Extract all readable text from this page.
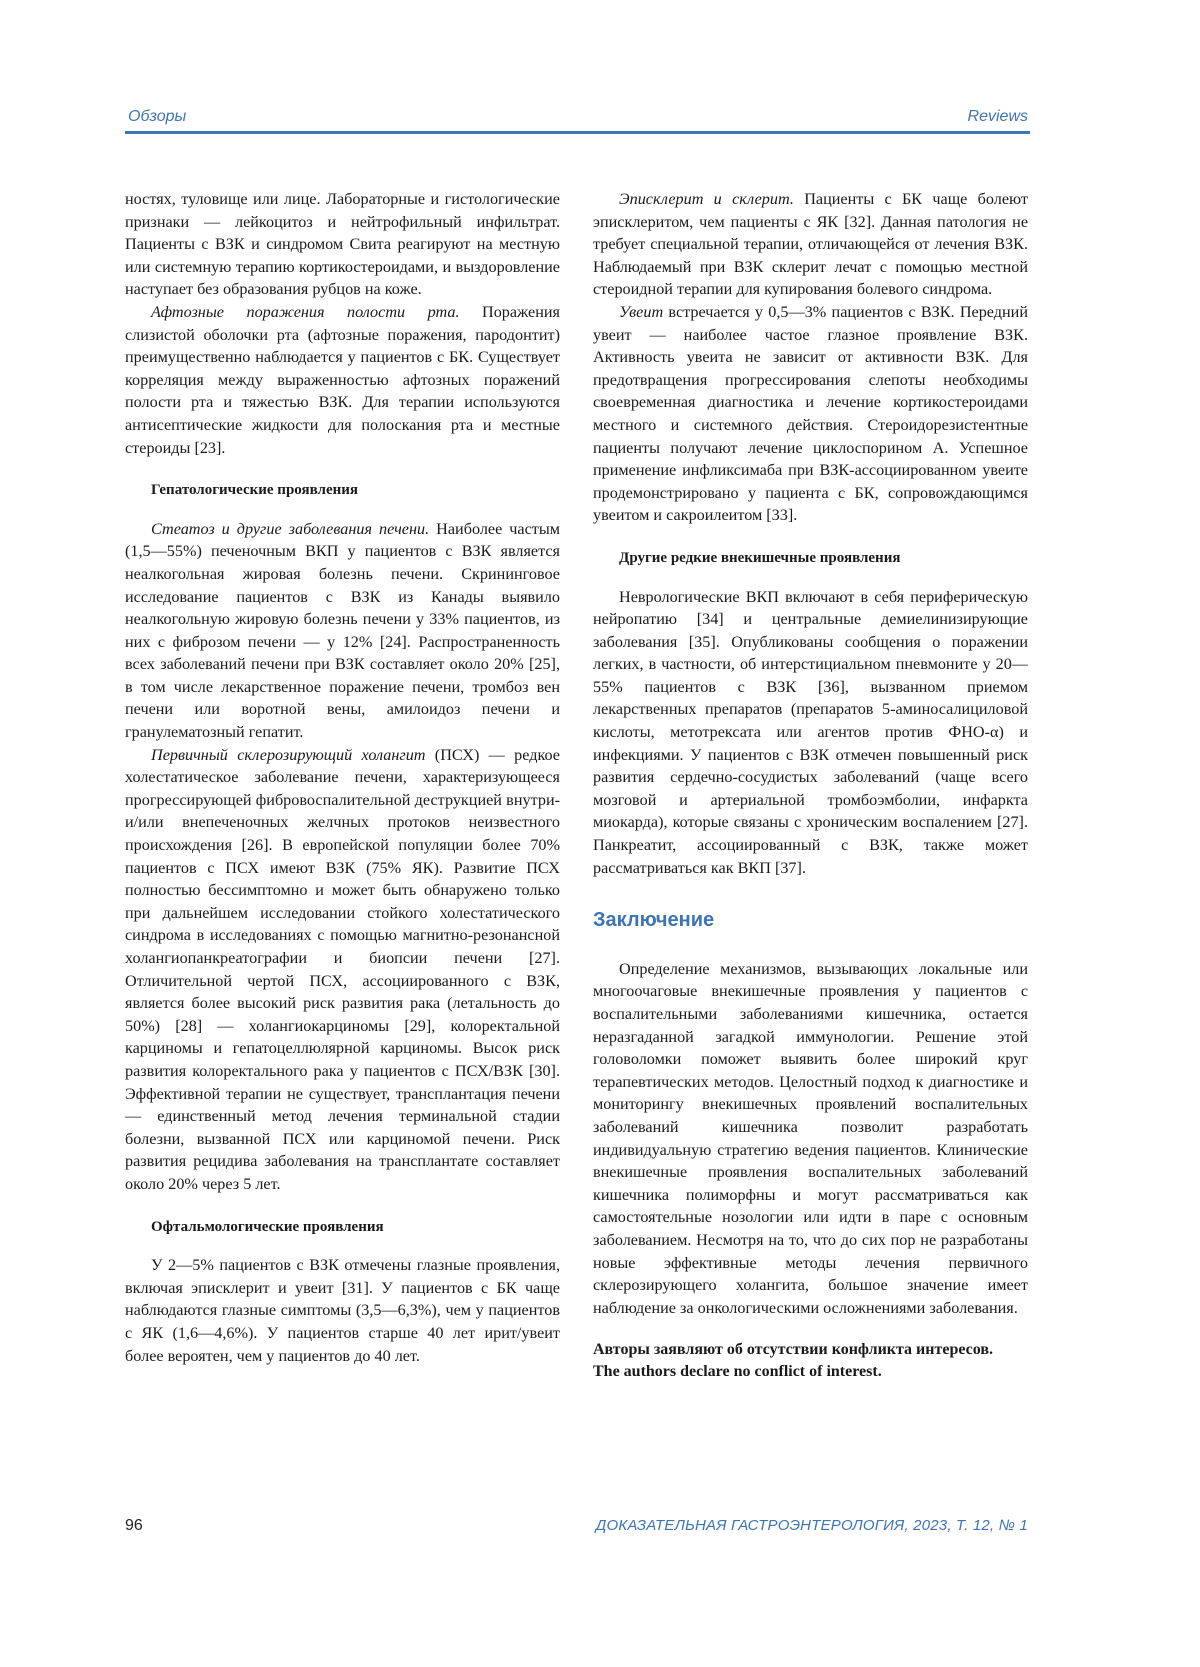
Обзоры	Reviews

ностях, туловище или лице. Лабораторные и гистологические признаки — лейкоцитоз и нейтрофильный инфильтрат. Пациенты с ВЗК и синдромом Свита реагируют на местную или системную терапию кортикостероидами, и выздоровление наступает без образования рубцов на коже.

Афтозные поражения полости рта. Поражения слизистой оболочки рта (афтозные поражения, пародонтит) преимущественно наблюдается у пациентов с БК. Существует корреляция между выраженностью афтозных поражений полости рта и тяжестью ВЗК. Для терапии используются антисептические жидкости для полоскания рта и местные стероиды [23].

Гепатологические проявления

Стеатоз и другие заболевания печени. Наиболее частым (1,5—55%) печеночным ВКП у пациентов с ВЗК является неалкогольная жировая болезнь печени. Скрининговое исследование пациентов с ВЗК из Канады выявило неалкогольную жировую болезнь печени у 33% пациентов, из них с фиброзом печени — у 12% [24]. Распространенность всех заболеваний печени при ВЗК составляет около 20% [25], в том числе лекарственное поражение печени, тромбоз вен печени или воротной вены, амилоидоз печени и гранулематозный гепатит.

Первичный склерозирующий холангит (ПСХ) — редкое холестатическое заболевание печени, характеризующееся прогрессирующей фибровоспалительной деструкцией внутри- и/или внепеченочных желчных протоков неизвестного происхождения [26]. В европейской популяции более 70% пациентов с ПСХ имеют ВЗК (75% ЯК). Развитие ПСХ полностью бессимптомно и может быть обнаружено только при дальнейшем исследовании стойкого холестатического синдрома в исследованиях с помощью магнитно-резонансной холангиопанкреатографии и биопсии печени [27]. Отличительной чертой ПСХ, ассоциированного с ВЗК, является более высокий риск развития рака (летальность до 50%) [28] — холангиокарциномы [29], колоректальной карциномы и гепатоцеллюлярной карциномы. Высок риск развития колоректального рака у пациентов с ПСХ/ВЗК [30]. Эффективной терапии не существует, трансплантация печени — единственный метод лечения терминальной стадии болезни, вызванной ПСХ или карциномой печени. Риск развития рецидива заболевания на трансплантате составляет около 20% через 5 лет.

Офтальмологические проявления

У 2—5% пациентов с ВЗК отмечены глазные проявления, включая эписклерит и увеит [31]. У пациентов с БК чаще наблюдаются глазные симптомы (3,5—6,3%), чем у пациентов с ЯК (1,6—4,6%). У пациентов старше 40 лет ирит/увеит более вероятен, чем у пациентов до 40 лет.

Эписклерит и склерит. Пациенты с БК чаще болеют эписклеритом, чем пациенты с ЯК [32]. Данная патология не требует специальной терапии, отличающейся от лечения ВЗК. Наблюдаемый при ВЗК склерит лечат с помощью местной стероидной терапии для купирования болевого синдрома.

Увеит встречается у 0,5—3% пациентов с ВЗК. Передний увеит — наиболее частое глазное проявление ВЗК. Активность увеита не зависит от активности ВЗК. Для предотвращения прогрессирования слепоты необходимы своевременная диагностика и лечение кортикостероидами местного и системного действия. Стероидорезистентные пациенты получают лечение циклоспорином А. Успешное применение инфликсимаба при ВЗК-ассоциированном увеите продемонстрировано у пациента с БК, сопровождающимся увеитом и сакроилеитом [33].

Другие редкие внекишечные проявления

Неврологические ВКП включают в себя периферическую нейропатию [34] и центральные демиелинизирующие заболевания [35]. Опубликованы сообщения о поражении легких, в частности, об интерстициальном пневмоните у 20—55% пациентов с ВЗК [36], вызванном приемом лекарственных препаратов (препаратов 5-аминосалициловой кислоты, метотрексата или агентов против ФНО-α) и инфекциями. У пациентов с ВЗК отмечен повышенный риск развития сердечно-сосудистых заболеваний (чаще всего мозговой и артериальной тромбоэмболии, инфаркта миокарда), которые связаны с хроническим воспалением [27]. Панкреатит, ассоциированный с ВЗК, также может рассматриваться как ВКП [37].

Заключение

Определение механизмов, вызывающих локальные или многоочаговые внекишечные проявления у пациентов с воспалительными заболеваниями кишечника, остается неразгаданной загадкой иммунологии. Решение этой головоломки поможет выявить более широкий круг терапевтических методов. Целостный подход к диагностике и мониторингу внекишечных проявлений воспалительных заболеваний кишечника позволит разработать индивидуальную стратегию ведения пациентов. Клинические внекишечные проявления воспалительных заболеваний кишечника полиморфны и могут рассматриваться как самостоятельные нозологии или идти в паре с основным заболеванием. Несмотря на то, что до сих пор не разработаны новые эффективные методы лечения первичного склерозирующего холангита, большое значение имеет наблюдение за онкологическими осложнениями заболевания.

Авторы заявляют об отсутствии конфликта интересов.
The authors declare no conflict of interest.
96	ДОКАЗАТЕЛЬНАЯ ГАСТРОЭНТЕРОЛОГИЯ, 2023, Т. 12, № 1
